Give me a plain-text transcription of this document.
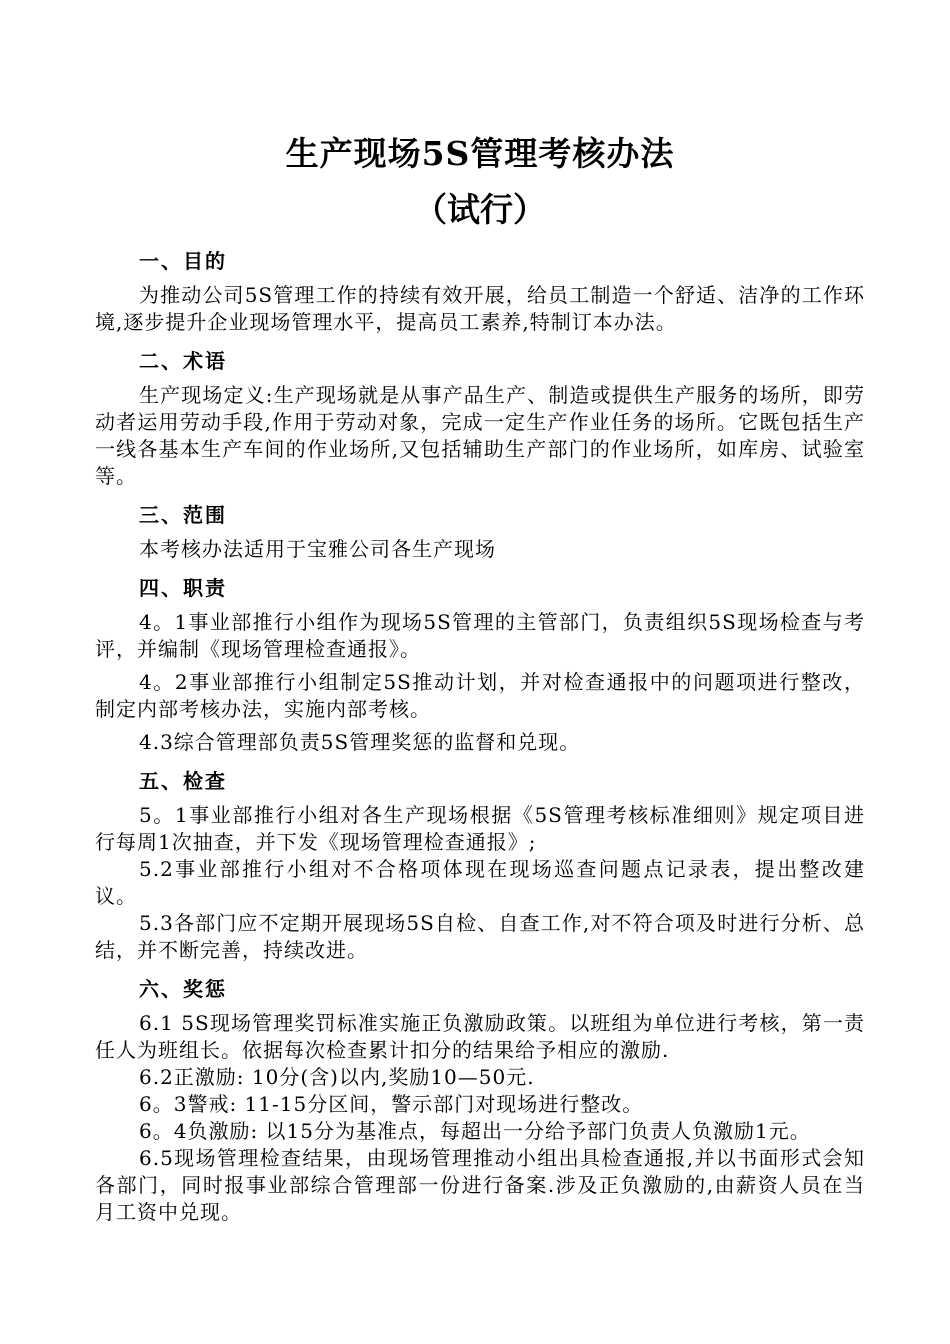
生产现场5S管理考核办法
（试行）
一、目的

为推动公司5S管理工作的持续有效开展，给员工制造一个舒适、洁净的工作环境,逐步提升企业现场管理水平，提高员工素养,特制订本办法。

二、术语

生产现场定义:生产现场就是从事产品生产、制造或提供生产服务的场所，即劳动者运用劳动手段,作用于劳动对象，完成一定生产作业任务的场所。它既包括生产一线各基本生产车间的作业场所,又包括辅助生产部门的作业场所，如库房、试验室等。

三、范围

本考核办法适用于宝雅公司各生产现场

四、职责

4。1事业部推行小组作为现场5S管理的主管部门，负责组织5S现场检查与考评，并编制《现场管理检查通报》。

4。2事业部推行小组制定5S推动计划，并对检查通报中的问题项进行整改，制定内部考核办法，实施内部考核。

4.3综合管理部负责5S管理奖惩的监督和兑现。

五、检查

5。1事业部推行小组对各生产现场根据《5S管理考核标准细则》规定项目进行每周1次抽查，并下发《现场管理检查通报》;

5.2事业部推行小组对不合格项体现在现场巡查问题点记录表，提出整改建议。

5.3各部门应不定期开展现场5S自检、自查工作,对不符合项及时进行分析、总结，并不断完善，持续改进。

六、奖惩

6.1 5S现场管理奖罚标准实施正负激励政策。以班组为单位进行考核，第一责任人为班组长。依据每次检查累计扣分的结果给予相应的激励.

6.2正激励: 10分(含)以内,奖励10—50元.

6。3警戒: 11-15分区间，警示部门对现场进行整改。

6。4负激励: 以15分为基准点，每超出一分给予部门负责人负激励1元。

6.5现场管理检查结果，由现场管理推动小组出具检查通报,并以书面形式会知各部门，同时报事业部综合管理部一份进行备案.涉及正负激励的,由薪资人员在当月工资中兑现。
